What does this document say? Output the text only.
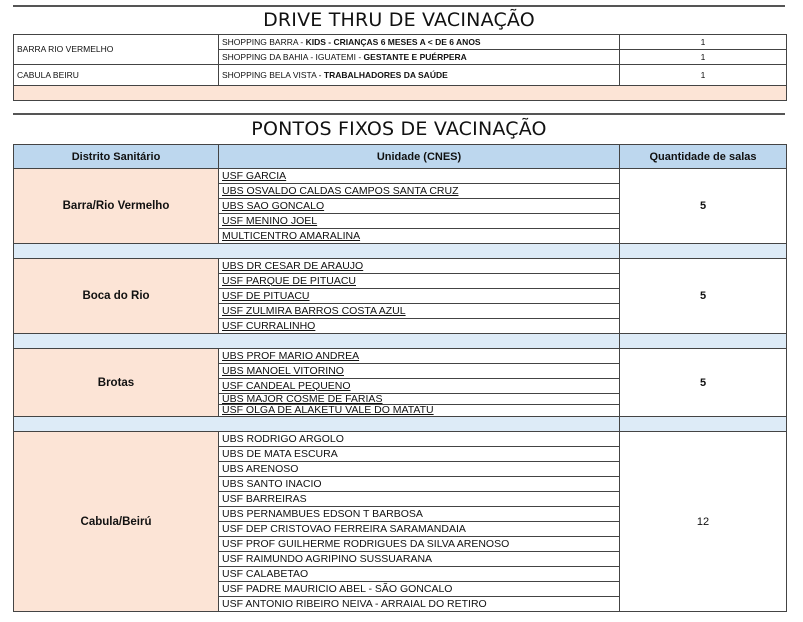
DRIVE THRU DE VACINAÇÃO
BARRA RIO VERMELHO	SHOPPING BARRA - KIDS - CRIANÇAS 6 MESES A < DE 6 ANOS	1
	SHOPPING DA BAHIA - IGUATEMI - GESTANTE E PUÉRPERA	1
CABULA BEIRU	SHOPPING BELA VISTA - TRABALHADORES DA SAÚDE	1

PONTOS FIXOS DE VACINAÇÃO
Distrito Sanitário	Unidade (CNES)	Quantidade de salas
Barra/Rio Vermelho	USF GARCIA	5
	UBS OSVALDO CALDAS CAMPOS SANTA CRUZ	
	UBS SAO GONCALO	
	USF MENINO JOEL	
	MULTICENTRO AMARALINA	

Boca do Rio	UBS DR CESAR DE ARAUJO	5
	USF PARQUE DE PITUACU	
	USF DE PITUACU	
	USF ZULMIRA BARROS COSTA AZUL	
	USF CURRALINHO	

Brotas	UBS PROF MARIO ANDREA	5
	UBS MANOEL VITORINO	
	USF CANDEAL PEQUENO	
	UBS MAJOR COSME DE FARIAS	
	USF OLGA DE ALAKETU VALE DO MATATU	

Cabula/Beirú	UBS RODRIGO ARGOLO	12
	UBS DE MATA ESCURA	
	UBS ARENOSO	
	UBS SANTO INACIO	
	USF BARREIRAS	
	UBS PERNAMBUES EDSON T BARBOSA	
	USF DEP CRISTOVAO FERREIRA SARAMANDAIA	
	USF PROF GUILHERME RODRIGUES DA SILVA ARENOSO	
	USF RAIMUNDO AGRIPINO SUSSUARANA	
	USF CALABETAO	
	USF PADRE MAURICIO ABEL - SÃO GONCALO	
	USF ANTONIO RIBEIRO NEIVA - ARRAIAL DO RETIRO	
